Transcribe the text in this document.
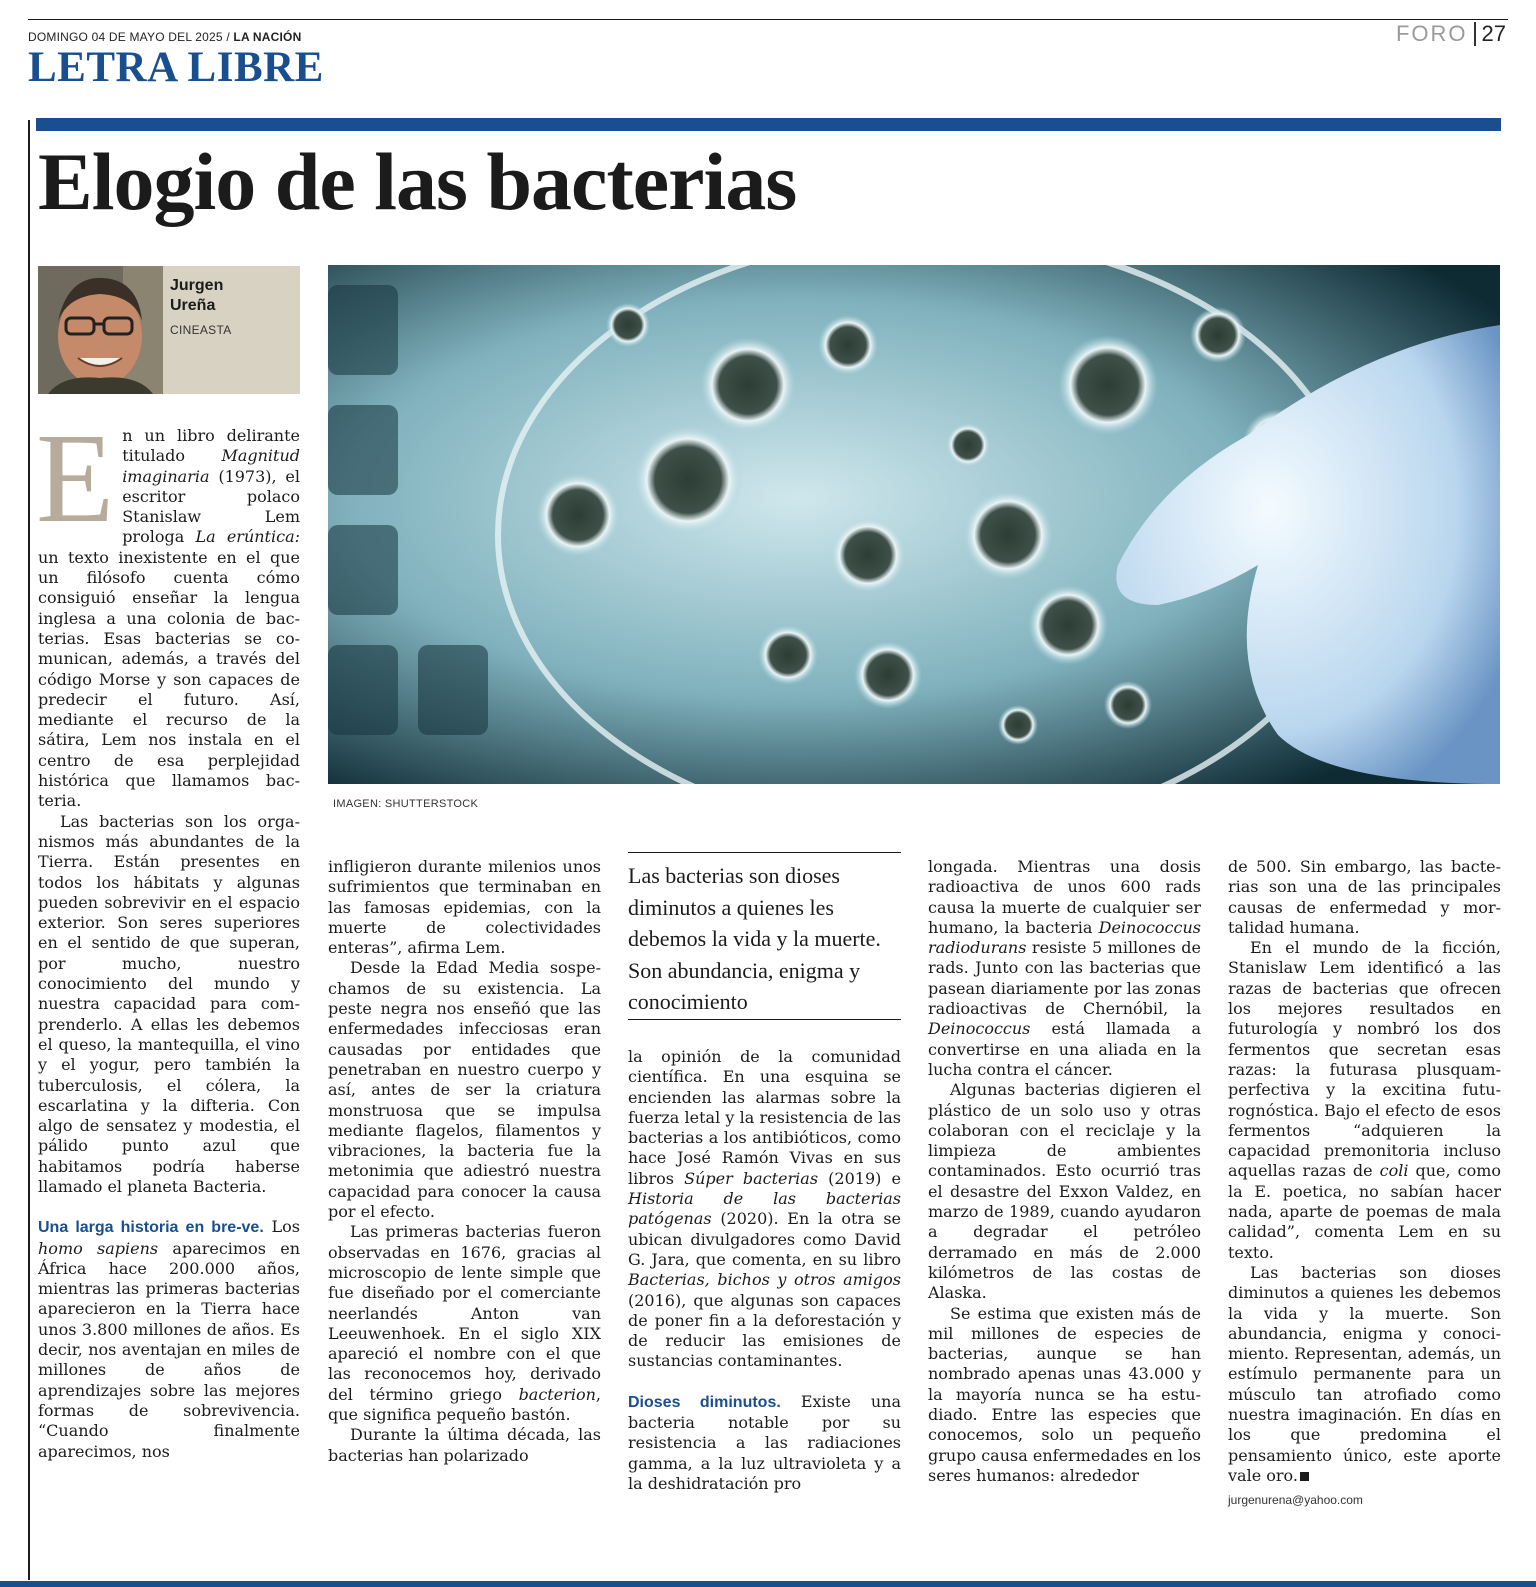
DOMINGO 04 DE MAYO DEL 2025 / LA NACIÓN
LETRA LIBRE
FORO 27
Elogio de las bacterias
Jurgen
Ureña
CINEASTA
IMAGEN: SHUTTERSTOCK

En un libro delirante titulado Magnitud imaginaria (1973), el escritor polaco Stanislaw Lem prologa La erúntica: un texto inexistente en el que un filósofo cuenta cómo consiguió enseñar la lengua inglesa a una colonia de bacterias. Esas bacterias se comunican, además, a través del código Morse y son capaces de predecir el futuro. Así, mediante el recurso de la sátira, Lem nos instala en el centro de esa perplejidad histórica que llamamos bacteria.

Las bacterias son los organismos más abundantes de la Tierra. Están presentes en todos los hábitats y algunas pueden sobrevivir en el espacio exterior. Son seres superiores en el sentido de que superan, por mucho, nuestro conocimiento del mundo y nuestra capacidad para comprenderlo. A ellas les debemos el queso, la mantequilla, el vino y el yogur, pero también la tuberculosis, el cólera, la escarlatina y la difteria. Con algo de sensatez y modestia, el pálido punto azul que habitamos podría haberse llamado el planeta Bacteria.

Una larga historia en bre-ve. Los homo sapiens aparecimos en África hace 200.000 años, mientras las primeras bacterias aparecieron en la Tierra hace unos 3.800 millones de años. Es decir, nos aventajan en miles de millones de años de aprendizajes sobre las mejores formas de sobrevivencia. “Cuando finalmente aparecimos, nos

infligieron durante milenios unos sufrimientos que terminaban en las famosas epidemias, con la muerte de colectividades enteras”, afirma Lem.

Desde la Edad Media sospechamos de su existencia. La peste negra nos enseñó que las enfermedades infecciosas eran causadas por entidades que penetraban en nuestro cuerpo y así, antes de ser la criatura monstruosa que se impulsa mediante flagelos, filamentos y vibraciones, la bacteria fue la metonimia que adiestró nuestra capacidad para conocer la causa por el efecto.

Las primeras bacterias fueron observadas en 1676, gracias al microscopio de lente simple que fue diseñado por el comerciante neerlandés Anton van Leeuwenhoek. En el siglo XIX apareció el nombre con el que las reconocemos hoy, derivado del término griego bacterion, que significa pequeño bastón.

Durante la última década, las bacterias han polarizado

Las bacterias son dioses diminutos a quienes les debemos la vida y la muerte. Son abundancia, enigma y conocimiento

la opinión de la comunidad científica. En una esquina se encienden las alarmas sobre la fuerza letal y la resistencia de las bacterias a los antibióticos, como hace José Ramón Vivas en sus libros Súper bacterias (2019) e Historia de las bacterias patógenas (2020). En la otra se ubican divulgadores como David G. Jara, que comenta, en su libro Bacterias, bichos y otros amigos (2016), que algunas son capaces de poner fin a la deforestación y de reducir las emisiones de sustancias contaminantes.

Dioses diminutos. Existe una bacteria notable por su resistencia a las radiaciones gamma, a la luz ultravioleta y a la deshidratación pro

longada. Mientras una dosis radioactiva de unos 600 rads causa la muerte de cualquier ser humano, la bacteria Deinococcus radiodurans resiste 5 millones de rads. Junto con las bacterias que pasean diariamente por las zonas radioactivas de Chernóbil, la Deinococcus está llamada a convertirse en una aliada en la lucha contra el cáncer.

Algunas bacterias digieren el plástico de un solo uso y otras colaboran con el reciclaje y la limpieza de ambientes contaminados. Esto ocurrió tras el desastre del Exxon Valdez, en marzo de 1989, cuando ayudaron a degradar el petróleo derramado en más de 2.000 kilómetros de las costas de Alaska.

Se estima que existen más de mil millones de especies de bacterias, aunque se han nombrado apenas unas 43.000 y la mayoría nunca se ha estudiado. Entre las especies que conocemos, solo un pequeño grupo causa enfermedades en los seres humanos: alrededor

de 500. Sin embargo, las bacterias son una de las principales causas de enfermedad y mortalidad humana.

En el mundo de la ficción, Stanislaw Lem identificó a las razas de bacterias que ofrecen los mejores resultados en futurología y nombró los dos fermentos que secretan esas razas: la futurasa plusquamperfectiva y la excitina futurognóstica. Bajo el efecto de esos fermentos “adquieren la capacidad premonitoria incluso aquellas razas de coli que, como la E. poetica, no sabían hacer nada, aparte de poemas de mala calidad”, comenta Lem en su texto.

Las bacterias son dioses diminutos a quienes les debemos la vida y la muerte. Son abundancia, enigma y conocimiento. Representan, además, un estímulo permanente para un músculo tan atrofiado como nuestra imaginación. En días en los que predomina el pensamiento único, este aporte vale oro.

jurgenurena@yahoo.com
